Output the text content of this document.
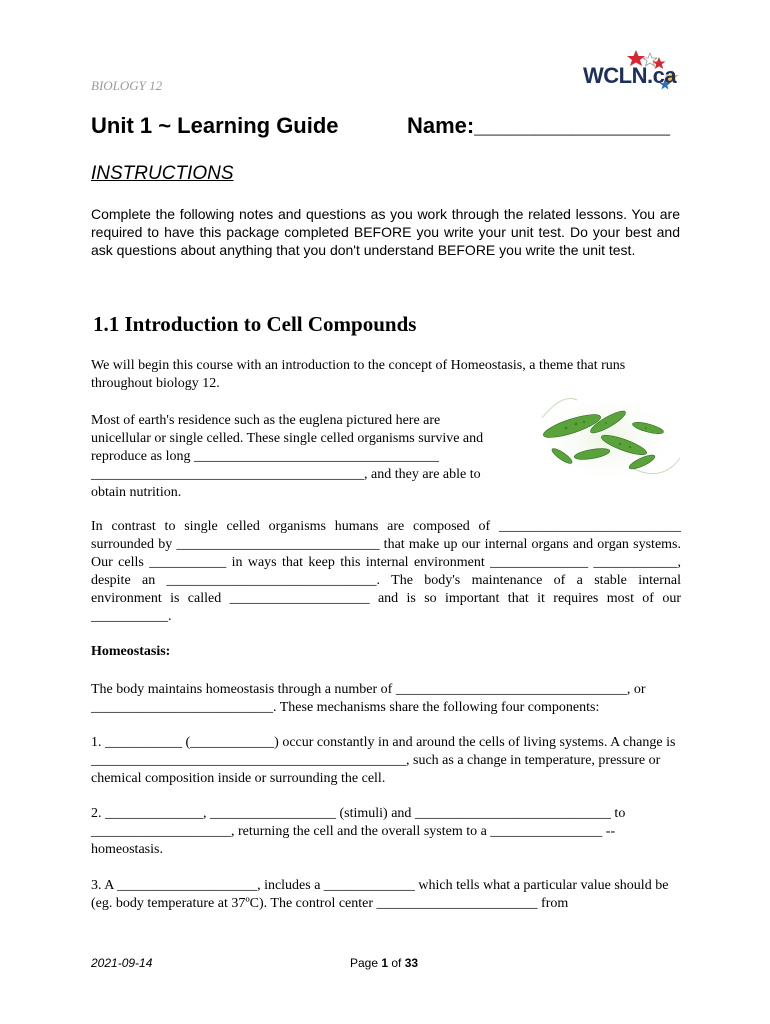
BIOLOGY 12	WCLN.ca
Unit 1 ~ Learning Guide	Name:________________
INSTRUCTIONS
Complete the following notes and questions as you work through the related lessons. You are required to have this package completed BEFORE you write your unit test. Do your best and ask questions about anything that you don't understand BEFORE you write the unit test.
1.1 Introduction to Cell Compounds
We will begin this course with an introduction to the concept of Homeostasis, a theme that runs throughout biology 12.
Most of earth's residence such as the euglena pictured here are unicellular or single celled. These single celled organisms survive and reproduce as long ___________________________________ _______________________________________, and they are able to obtain nutrition.
In contrast to single celled organisms humans are composed of __________________________ surrounded by _____________________________ that make up our internal organs and organ systems. Our cells ___________ in ways that keep this internal environment ______________ ____________, despite an ______________________________. The body's maintenance of a stable internal environment is called ____________________ and is so important that it requires most of our ___________.
Homeostasis:
The body maintains homeostasis through a number of _________________________________, or __________________________. These mechanisms share the following four components:
1. ___________ (____________) occur constantly in and around the cells of living systems. A change is _____________________________________________, such as a change in temperature, pressure or chemical composition inside or surrounding the cell.
2. ______________, __________________ (stimuli) and ____________________________ to ____________________, returning the cell and the overall system to a ________________ -- homeostasis.
3. A ____________________, includes a _____________ which tells what a particular value should be (eg. body temperature at 37ºC). The control center _______________________ from
2021-09-14	Page 1 of 33
